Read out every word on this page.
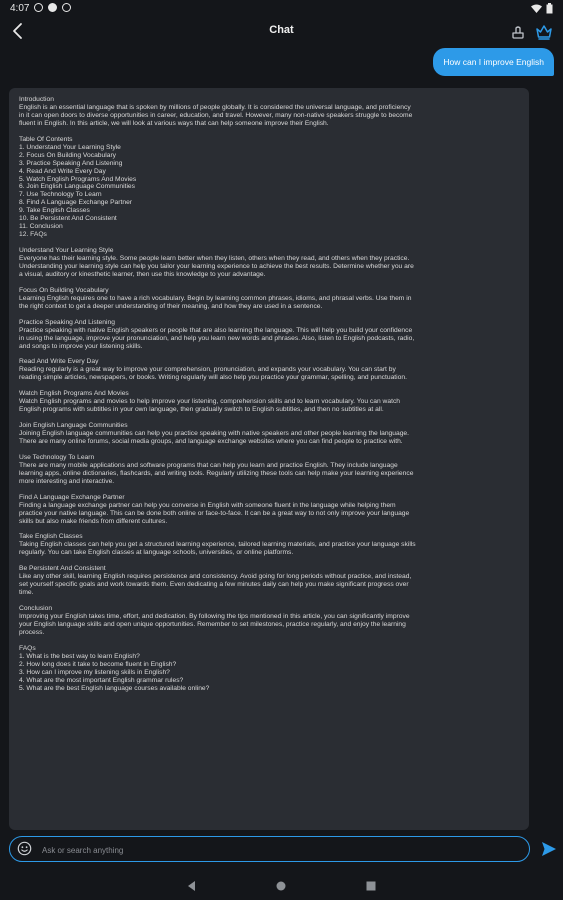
4:07
Chat
How can I improve English
Introduction
English is an essential language that is spoken by millions of people globally. It is considered the universal language, and proficiency
in it can open doors to diverse opportunities in career, education, and travel. However, many non-native speakers struggle to become
fluent in English. In this article, we will look at various ways that can help someone improve their English.

Table Of Contents
1. Understand Your Learning Style
2. Focus On Building Vocabulary
3. Practice Speaking And Listening
4. Read And Write Every Day
5. Watch English Programs And Movies
6. Join English Language Communities
7. Use Technology To Learn
8. Find A Language Exchange Partner
9. Take English Classes
10. Be Persistent And Consistent
11. Conclusion
12. FAQs

Understand Your Learning Style
Everyone has their learning style. Some people learn better when they listen, others when they read, and others when they practice.
Understanding your learning style can help you tailor your learning experience to achieve the best results. Determine whether you are
a visual, auditory or kinesthetic learner, then use this knowledge to your advantage.

Focus On Building Vocabulary
Learning English requires one to have a rich vocabulary. Begin by learning common phrases, idioms, and phrasal verbs. Use them in
the right context to get a deeper understanding of their meaning, and how they are used in a sentence.

Practice Speaking And Listening
Practice speaking with native English speakers or people that are also learning the language. This will help you build your confidence
in using the language, improve your pronunciation, and help you learn new words and phrases. Also, listen to English podcasts, radio,
and songs to improve your listening skills.

Read And Write Every Day
Reading regularly is a great way to improve your comprehension, pronunciation, and expands your vocabulary. You can start by
reading simple articles, newspapers, or books. Writing regularly will also help you practice your grammar, spelling, and punctuation.

Watch English Programs And Movies
Watch English programs and movies to help improve your listening, comprehension skills and to learn vocabulary. You can watch
English programs with subtitles in your own language, then gradually switch to English subtitles, and then no subtitles at all.

Join English Language Communities
Joining English language communities can help you practice speaking with native speakers and other people learning the language.
There are many online forums, social media groups, and language exchange websites where you can find people to practice with.

Use Technology To Learn
There are many mobile applications and software programs that can help you learn and practice English. They include language
learning apps, online dictionaries, flashcards, and writing tools. Regularly utilizing these tools can help make your learning experience
more interesting and interactive.

Find A Language Exchange Partner
Finding a language exchange partner can help you converse in English with someone fluent in the language while helping them
practice your native language. This can be done both online or face-to-face. It can be a great way to not only improve your language
skills but also make friends from different cultures.

Take English Classes
Taking English classes can help you get a structured learning experience, tailored learning materials, and practice your language skills
regularly. You can take English classes at language schools, universities, or online platforms.

Be Persistent And Consistent
Like any other skill, learning English requires persistence and consistency. Avoid going for long periods without practice, and instead,
set yourself specific goals and work towards them. Even dedicating a few minutes daily can help you make significant progress over
time.

Conclusion
Improving your English takes time, effort, and dedication. By following the tips mentioned in this article, you can significantly improve
your English language skills and open unique opportunities. Remember to set milestones, practice regularly, and enjoy the learning
process.

FAQs
1. What is the best way to learn English?
2. How long does it take to become fluent in English?
3. How can I improve my listening skills in English?
4. What are the most important English grammar rules?
5. What are the best English language courses available online?
Ask or search anything
